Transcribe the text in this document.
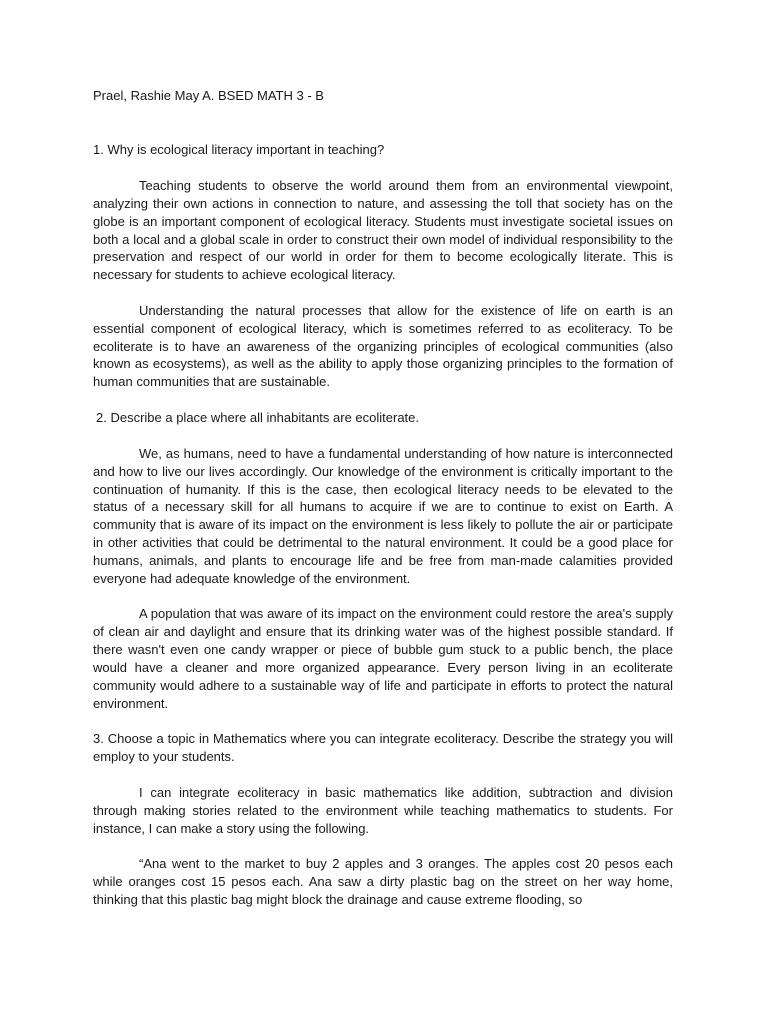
Prael, Rashie May A. BSED MATH 3 - B

1. Why is ecological literacy important in teaching?

Teaching students to observe the world around them from an environmental viewpoint, analyzing their own actions in connection to nature, and assessing the toll that society has on the globe is an important component of ecological literacy. Students must investigate societal issues on both a local and a global scale in order to construct their own model of individual responsibility to the preservation and respect of our world in order for them to become ecologically literate. This is necessary for students to achieve ecological literacy.

Understanding the natural processes that allow for the existence of life on earth is an essential component of ecological literacy, which is sometimes referred to as ecoliteracy. To be ecoliterate is to have an awareness of the organizing principles of ecological communities (also known as ecosystems), as well as the ability to apply those organizing principles to the formation of human communities that are sustainable.

2. Describe a place where all inhabitants are ecoliterate.

We, as humans, need to have a fundamental understanding of how nature is interconnected and how to live our lives accordingly. Our knowledge of the environment is critically important to the continuation of humanity. If this is the case, then ecological literacy needs to be elevated to the status of a necessary skill for all humans to acquire if we are to continue to exist on Earth. A community that is aware of its impact on the environment is less likely to pollute the air or participate in other activities that could be detrimental to the natural environment. It could be a good place for humans, animals, and plants to encourage life and be free from man-made calamities provided everyone had adequate knowledge of the environment.

A population that was aware of its impact on the environment could restore the area's supply of clean air and daylight and ensure that its drinking water was of the highest possible standard. If there wasn't even one candy wrapper or piece of bubble gum stuck to a public bench, the place would have a cleaner and more organized appearance. Every person living in an ecoliterate community would adhere to a sustainable way of life and participate in efforts to protect the natural environment.

3. Choose a topic in Mathematics where you can integrate ecoliteracy. Describe the strategy you will employ to your students.

I can integrate ecoliteracy in basic mathematics like addition, subtraction and division through making stories related to the environment while teaching mathematics to students. For instance, I can make a story using the following.

“Ana went to the market to buy 2 apples and 3 oranges. The apples cost 20 pesos each while oranges cost 15 pesos each. Ana saw a dirty plastic bag on the street on her way home, thinking that this plastic bag might block the drainage and cause extreme flooding, so
